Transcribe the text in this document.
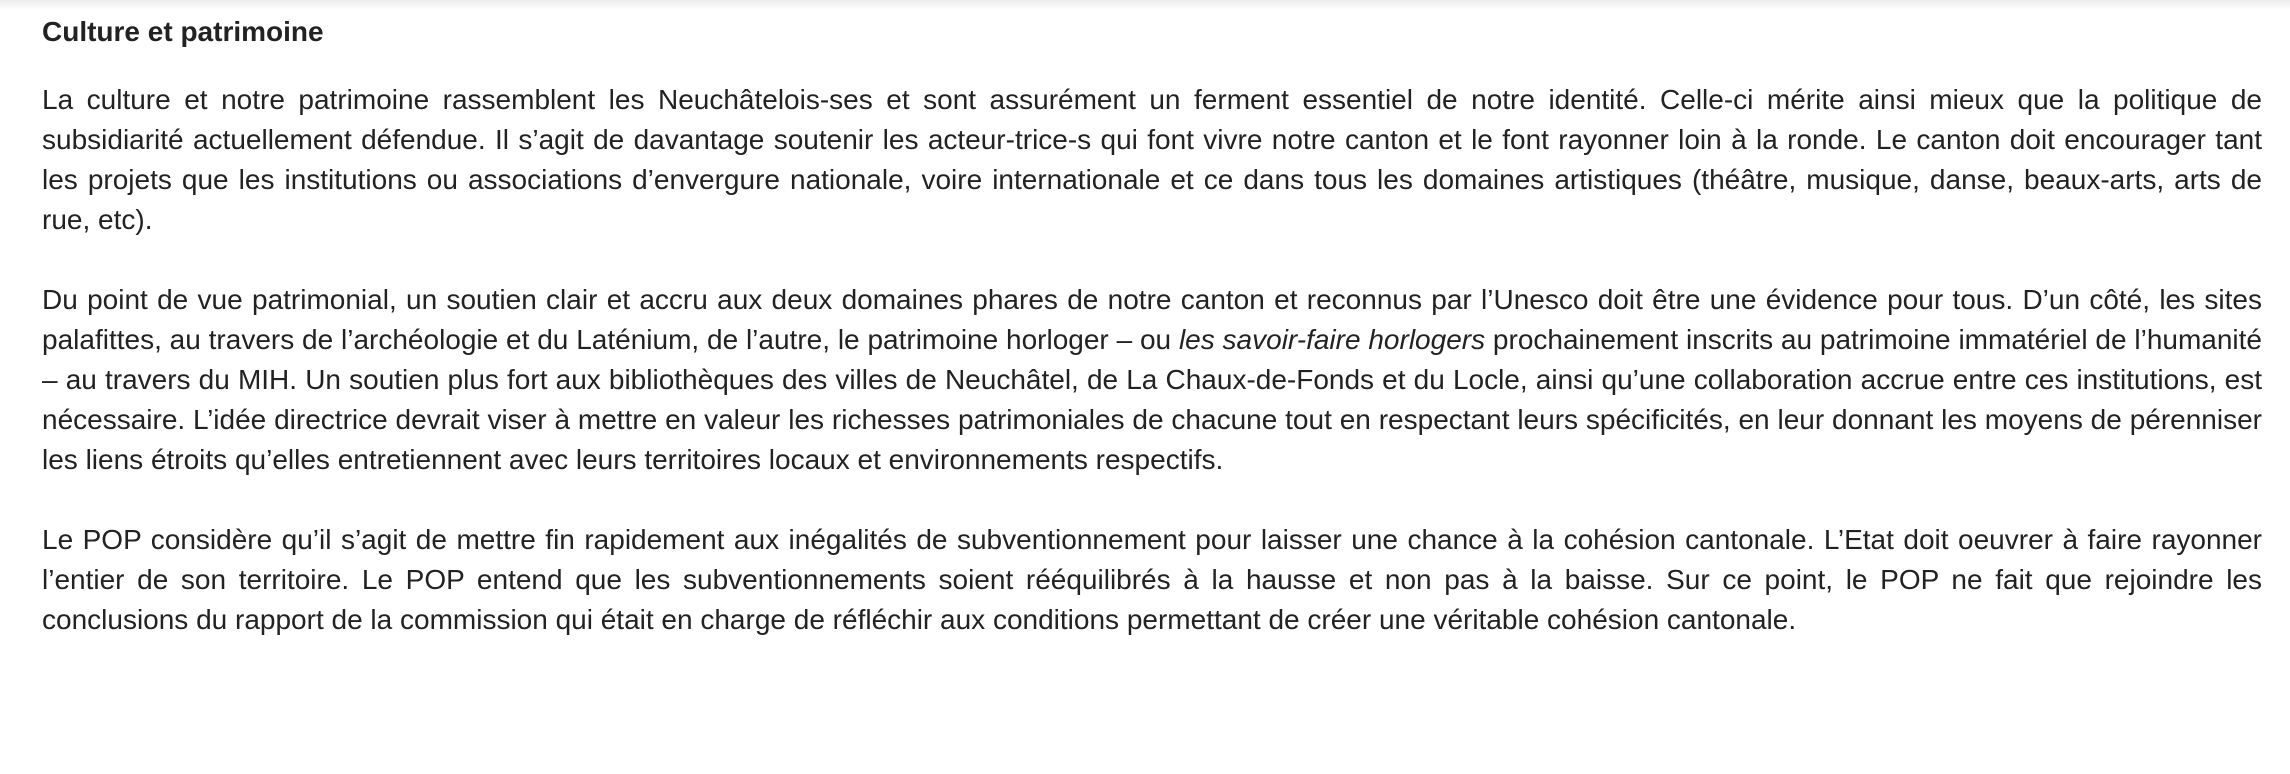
Culture et patrimoine

La culture et notre patrimoine rassemblent les Neuchâtelois-ses et sont assurément un ferment essentiel de notre identité. Celle-ci mérite ainsi mieux que la politique de subsidiarité actuellement défendue. Il s’agit de davantage soutenir les acteur-trice-s qui font vivre notre canton et le font rayonner loin à la ronde. Le canton doit encourager tant les projets que les institutions ou associations d’envergure nationale, voire internationale et ce dans tous les domaines artistiques (théâtre, musique, danse, beaux-arts, arts de rue, etc).

Du point de vue patrimonial, un soutien clair et accru aux deux domaines phares de notre canton et reconnus par l’Unesco doit être une évidence pour tous. D’un côté, les sites palafittes, au travers de l’archéologie et du Laténium, de l’autre, le patrimoine horloger – ou les savoir-faire horlogers prochainement inscrits au patrimoine immatériel de l’humanité – au travers du MIH. Un soutien plus fort aux bibliothèques des villes de Neuchâtel, de La Chaux-de-Fonds et du Locle, ainsi qu’une collaboration accrue entre ces institutions, est nécessaire. L’idée directrice devrait viser à mettre en valeur les richesses patrimoniales de chacune tout en respectant leurs spécificités, en leur donnant les moyens de pérenniser les liens étroits qu’elles entretiennent avec leurs territoires locaux et environnements respectifs.

Le POP considère qu’il s’agit de mettre fin rapidement aux inégalités de subventionnement pour laisser une chance à la cohésion cantonale. L’Etat doit oeuvrer à faire rayonner l’entier de son territoire. Le POP entend que les subventionnements soient rééquilibrés à la hausse et non pas à la baisse. Sur ce point, le POP ne fait que rejoindre les conclusions du rapport de la commission qui était en charge de réfléchir aux conditions permettant de créer une véritable cohésion cantonale.
